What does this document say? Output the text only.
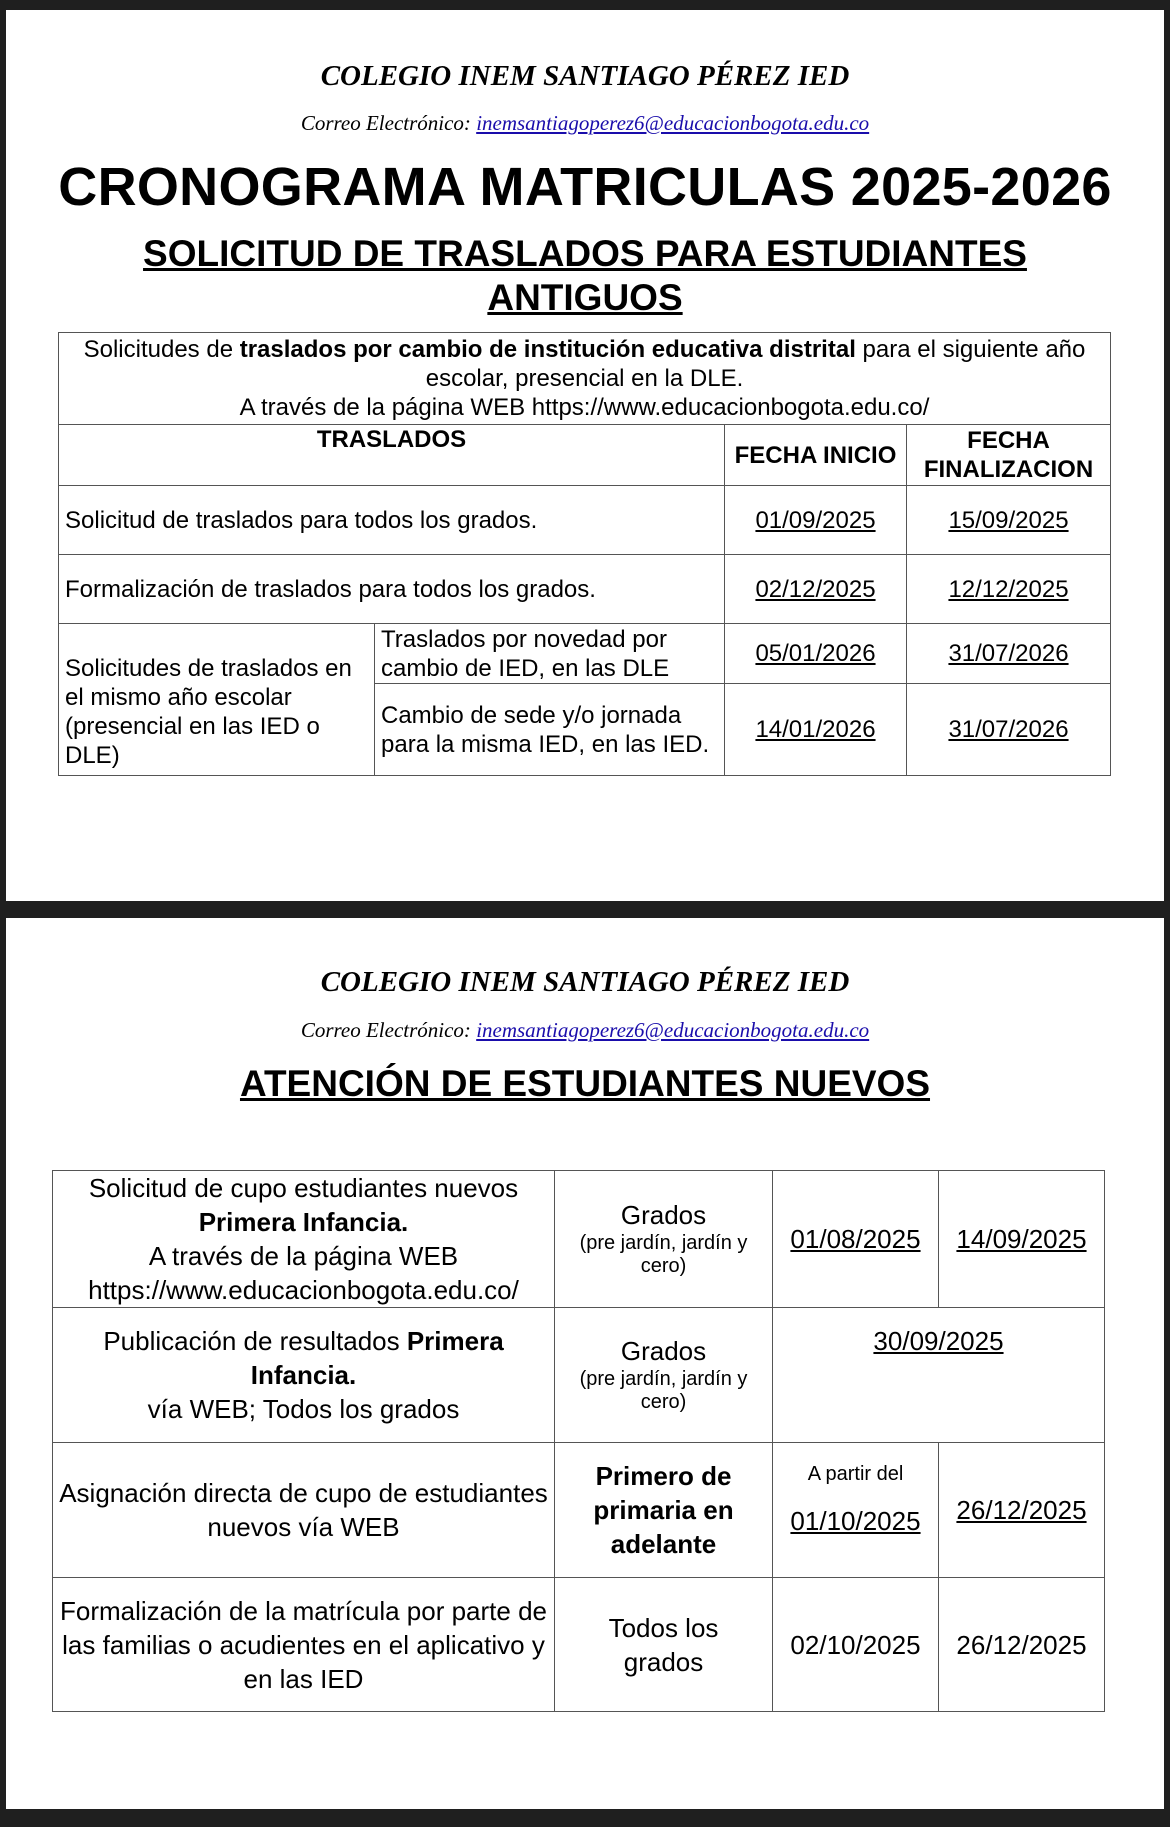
COLEGIO INEM SANTIAGO PÉREZ IED
Correo Electrónico: inemsantiagoperez6@educacionbogota.edu.co
CRONOGRAMA MATRICULAS 2025-2026
SOLICITUD DE TRASLADOS PARA ESTUDIANTES ANTIGUOS
Solicitudes de traslados por cambio de institución educativa distrital para el siguiente año escolar, presencial en la DLE.
A través de la página WEB https://www.educacionbogota.edu.co/			
TRASLADOS		FECHA INICIO	FECHA FINALIZACION
Solicitud de traslados para todos los grados.		01/09/2025	15/09/2025
Formalización de traslados para todos los grados.		02/12/2025	12/12/2025
Solicitudes de traslados en el mismo año escolar (presencial en las IED o DLE)	Traslados por novedad por cambio de IED, en las DLE	05/01/2026	31/07/2026
	Cambio de sede y/o jornada para la misma IED, en las IED.	14/01/2026	31/07/2026
COLEGIO INEM SANTIAGO PÉREZ IED
Correo Electrónico: inemsantiagoperez6@educacionbogota.edu.co
ATENCIÓN DE ESTUDIANTES NUEVOS
Solicitud de cupo estudiantes nuevos
Primera Infancia.
A través de la página WEB
https://www.educacionbogota.edu.co/	Grados
(pre jardín, jardín y cero)	01/08/2025	14/09/2025
Publicación de resultados Primera Infancia.
vía WEB; Todos los grados	Grados
(pre jardín, jardín y cero)	30/09/2025	
Asignación directa de cupo de estudiantes nuevos vía WEB	Primero de primaria en adelante	A partir del
01/10/2025	26/12/2025
Formalización de la matrícula por parte de las familias o acudientes en el aplicativo y en las IED	Todos los grados	02/10/2025	26/12/2025
